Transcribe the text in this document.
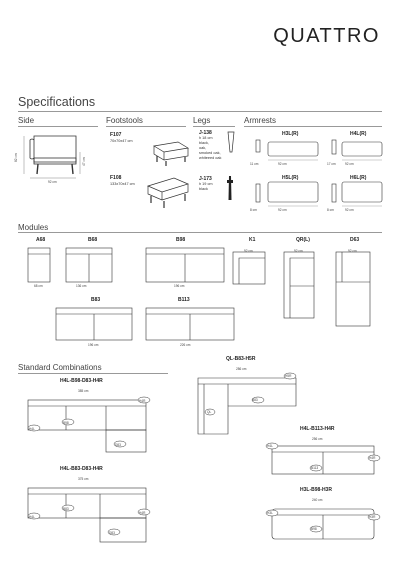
QUATTRO
Specifications
Side	Footstools	Legs	Armrests
82 cm	47 cm
92 cm
F107
70x70x47 cm
F108
133x70x47 cm
J-138
h 18 cm
black,
oak,
smoked oak,
whiteeed oak
J-173
h 19 cm
black
H3L(R)	H4L(R)
H5L(R)	H6L(R)
92 cm
11 cm	92 cm
17 cm
92 cm
8 cm	92 cm
8 cm
Modules
A68	B68	B98	K1	QR(L)	D63
68 cm	136 cm	196 cm
92 cm	92 cm	92 cm
B83	B113
196 cm	226 cm
Standard Combinations
H4L-B98-D83-H4R
385 cm
H4L
B98
D83
H4R
H4L-B83-D83-H4R
375 cm
H4L
B83
D83
H4R
QL-B83-H5R
286 cm
QL
B83
H5R
H4L-B113-H4R
256 cm
H4L
B113
H4R
H3L-B98-H3R
240 cm
H3L
B98
H3R
